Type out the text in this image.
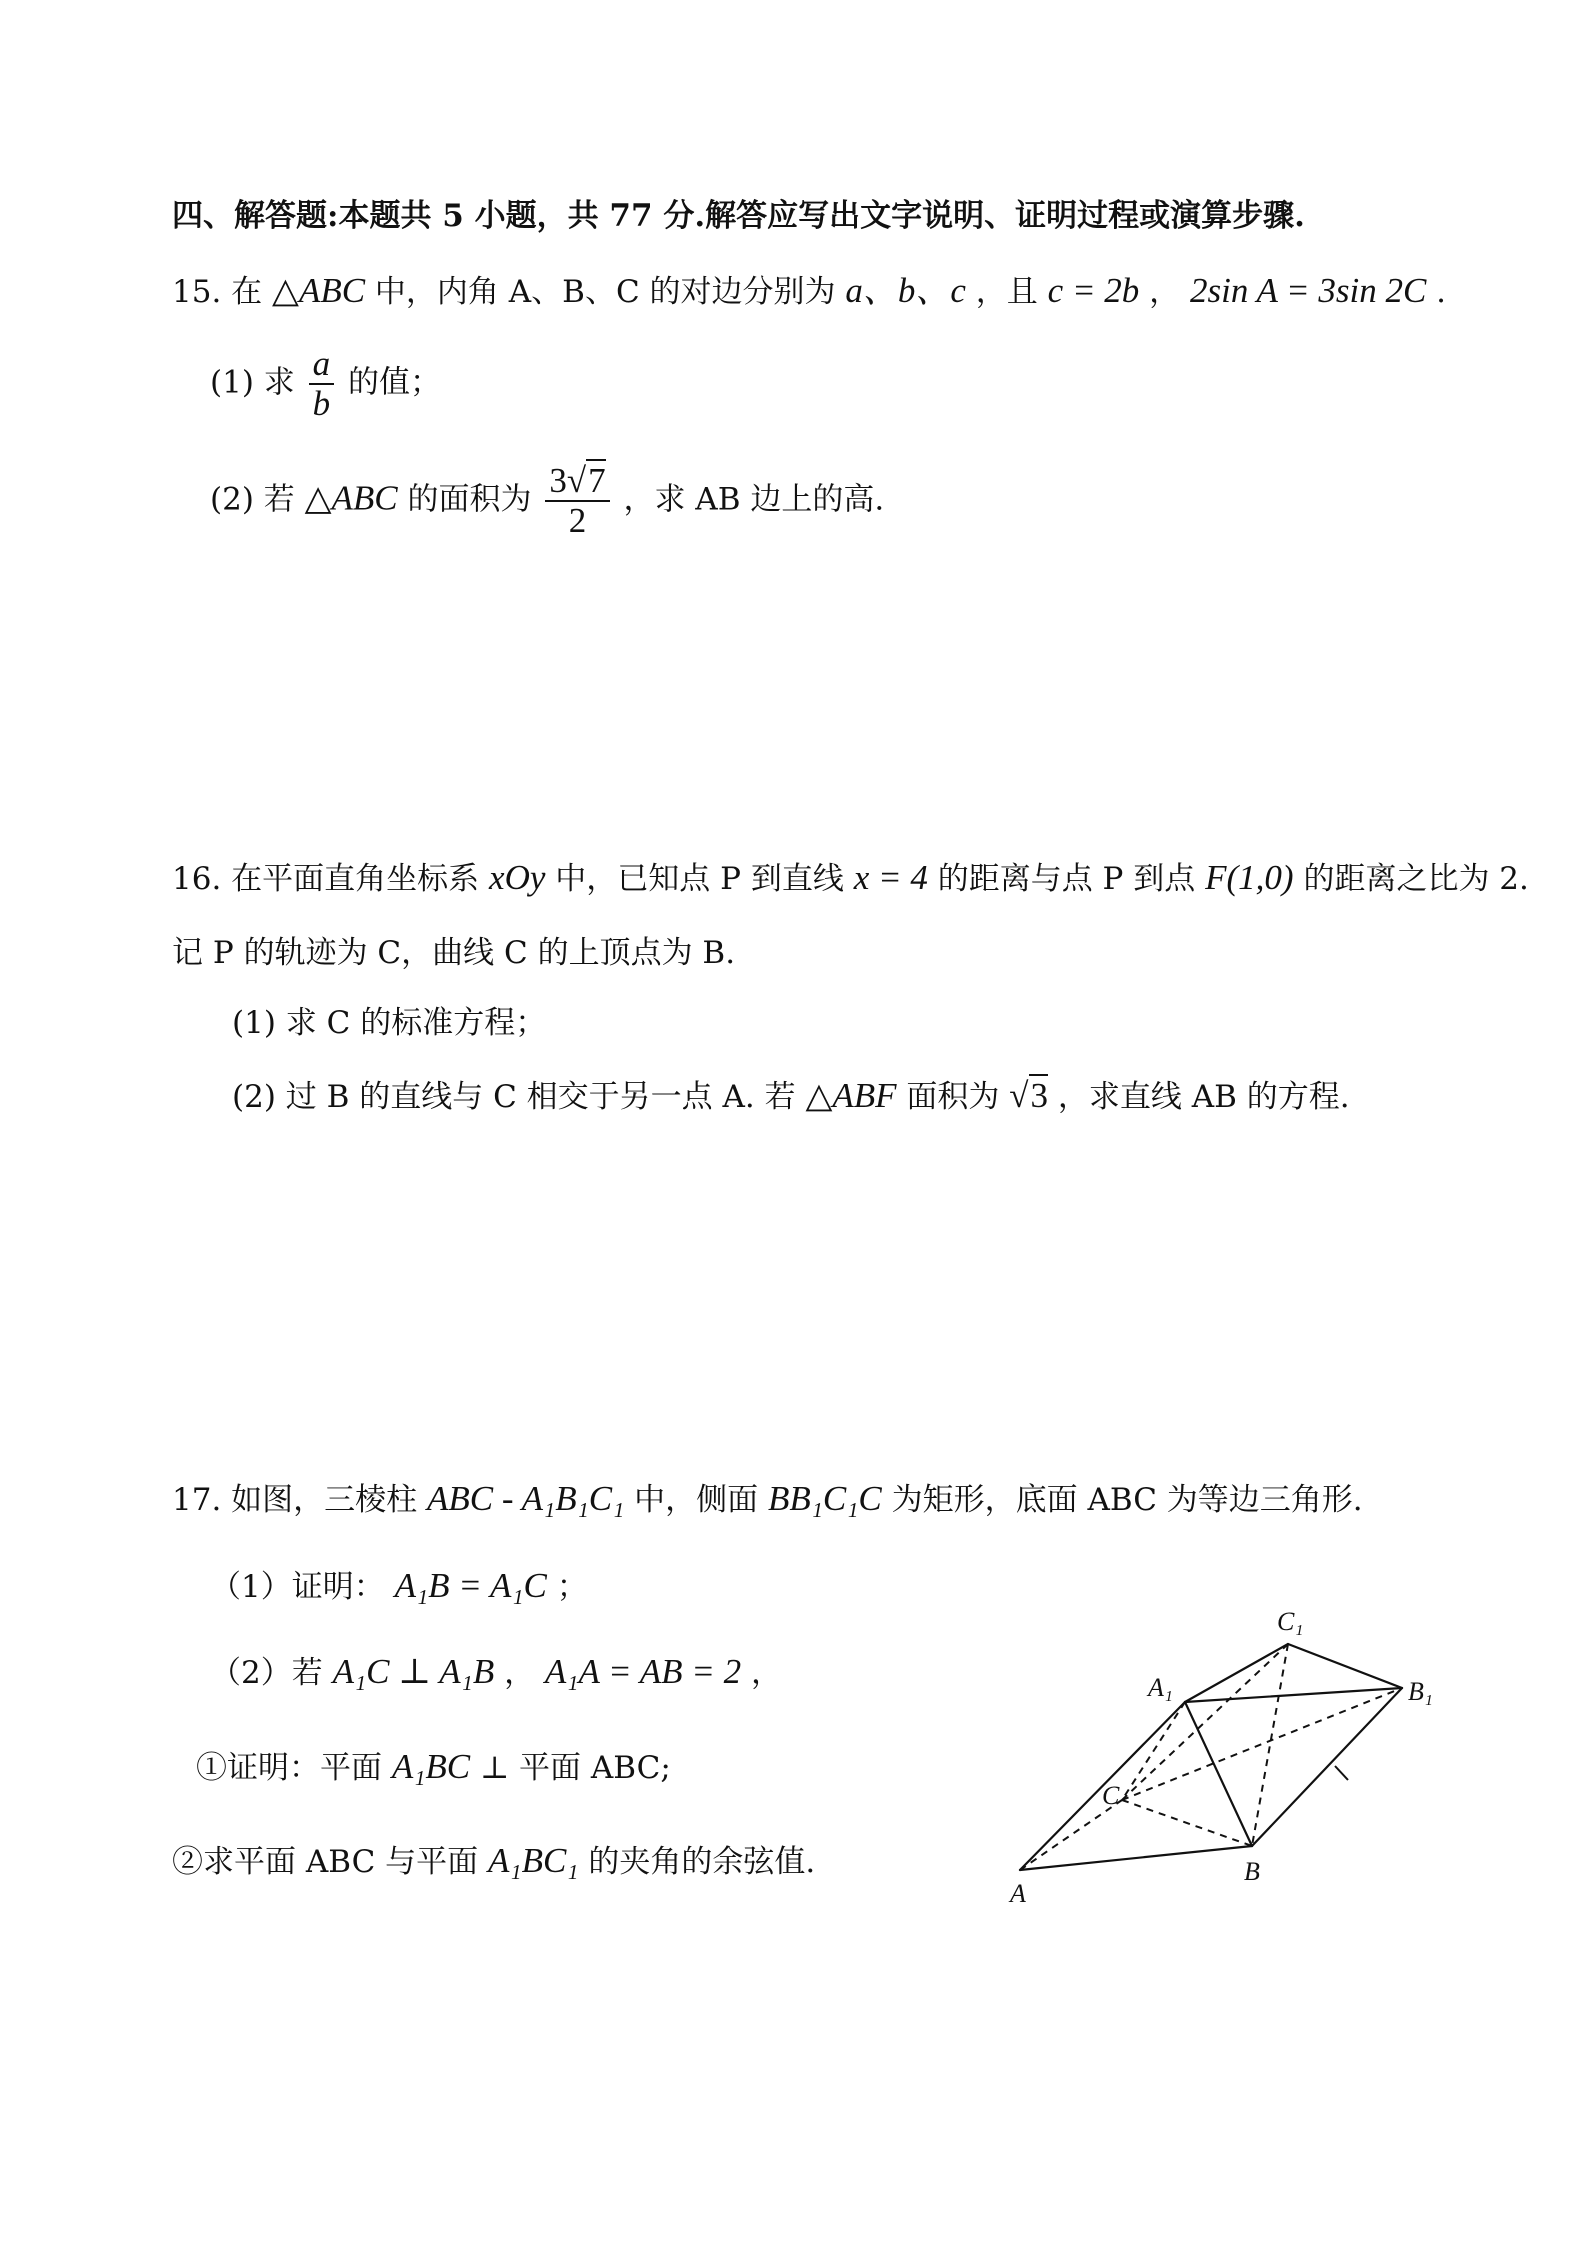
四、解答题:本题共 5 小题，共 77 分.解答应写出文字说明、证明过程或演算步骤.
15. 在 △ABC 中，内角 A、B、C 的对边分别为 a、b、c ，且 c = 2b ， 2sin A = 3sin 2C .
(1) 求 $\frac{a}{b}$ 的值；
(2) 若 △ABC 的面积为 $\frac{3√7}{2}$ ，求 AB 边上的高.
16. 在平面直角坐标系 xOy 中，已知点 P 到直线 x = 4 的距离与点 P 到点 F(1,0) 的距离之比为 2.
记 P 的轨迹为 C，曲线 C 的上顶点为 B.
(1) 求 C 的标准方程；
(2) 过 B 的直线与 C 相交于另一点 A. 若 △ABF 面积为 √3 ，求直线 AB 的方程.
17. 如图，三棱柱 ABC - A₁B₁C₁ 中，侧面 BB₁C₁C 为矩形，底面 ABC 为等边三角形.
（1）证明： A₁B = A₁C ；
（2）若 A₁C ⊥ A₁B ， A₁A = AB = 2 ，
①证明：平面 A₁BC ⊥ 平面 ABC;
②求平面 ABC 与平面 A₁BC₁ 的夹角的余弦值.
C₁
A₁	B₁
C
A
B
